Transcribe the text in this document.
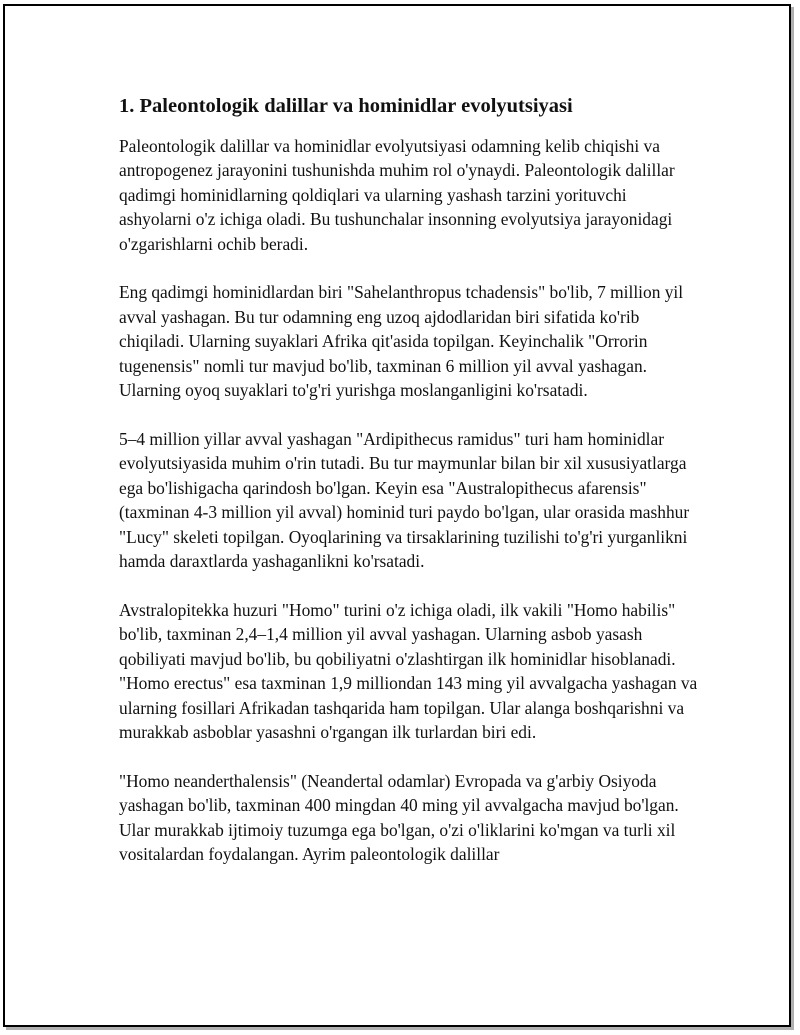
1. Paleontologik dalillar va hominidlar evolyutsiyasi

Paleontologik dalillar va hominidlar evolyutsiyasi odamning kelib chiqishi va antropogenez jarayonini tushunishda muhim rol o'ynaydi. Paleontologik dalillar qadimgi hominidlarning qoldiqlari va ularning yashash tarzini yorituvchi ashyolarni o'z ichiga oladi. Bu tushunchalar insonning evolyutsiya jarayonidagi o'zgarishlarni ochib beradi.

Eng qadimgi hominidlardan biri "Sahelanthropus tchadensis" bo'lib, 7 million yil avval yashagan. Bu tur odamning eng uzoq ajdodlaridan biri sifatida ko'rib chiqiladi. Ularning suyaklari Afrika qit'asida topilgan. Keyinchalik "Orrorin tugenensis" nomli tur mavjud bo'lib, taxminan 6 million yil avval yashagan. Ularning oyoq suyaklari to'g'ri yurishga moslanganligini ko'rsatadi.

5–4 million yillar avval yashagan "Ardipithecus ramidus" turi ham hominidlar evolyutsiyasida muhim o'rin tutadi. Bu tur maymunlar bilan bir xil xususiyatlarga ega bo'lishigacha qarindosh bo'lgan. Keyin esa "Australopithecus afarensis" (taxminan 4-3 million yil avval) hominid turi paydo bo'lgan, ular orasida mashhur "Lucy" skeleti topilgan. Oyoqlarining va tirsaklarining tuzilishi to'g'ri yurganlikni hamda daraxtlarda yashaganlikni ko'rsatadi.

Avstralopitekka huzuri "Homo" turini o'z ichiga oladi, ilk vakili "Homo habilis" bo'lib, taxminan 2,4–1,4 million yil avval yashagan. Ularning asbob yasash qobiliyati mavjud bo'lib, bu qobiliyatni o'zlashtirgan ilk hominidlar hisoblanadi. "Homo erectus" esa taxminan 1,9 milliondan 143 ming yil avvalgacha yashagan va ularning fosillari Afrikadan tashqarida ham topilgan. Ular alanga boshqarishni va murakkab asboblar yasashni o'rgangan ilk turlardan biri edi.

"Homo neanderthalensis" (Neandertal odamlar) Evropada va g'arbiy Osiyoda yashagan bo'lib, taxminan 400 mingdan 40 ming yil avvalgacha mavjud bo'lgan. Ular murakkab ijtimoiy tuzumga ega bo'lgan, o'zi o'liklarini ko'mgan va turli xil vositalardan foydalangan. Ayrim paleontologik dalillar
